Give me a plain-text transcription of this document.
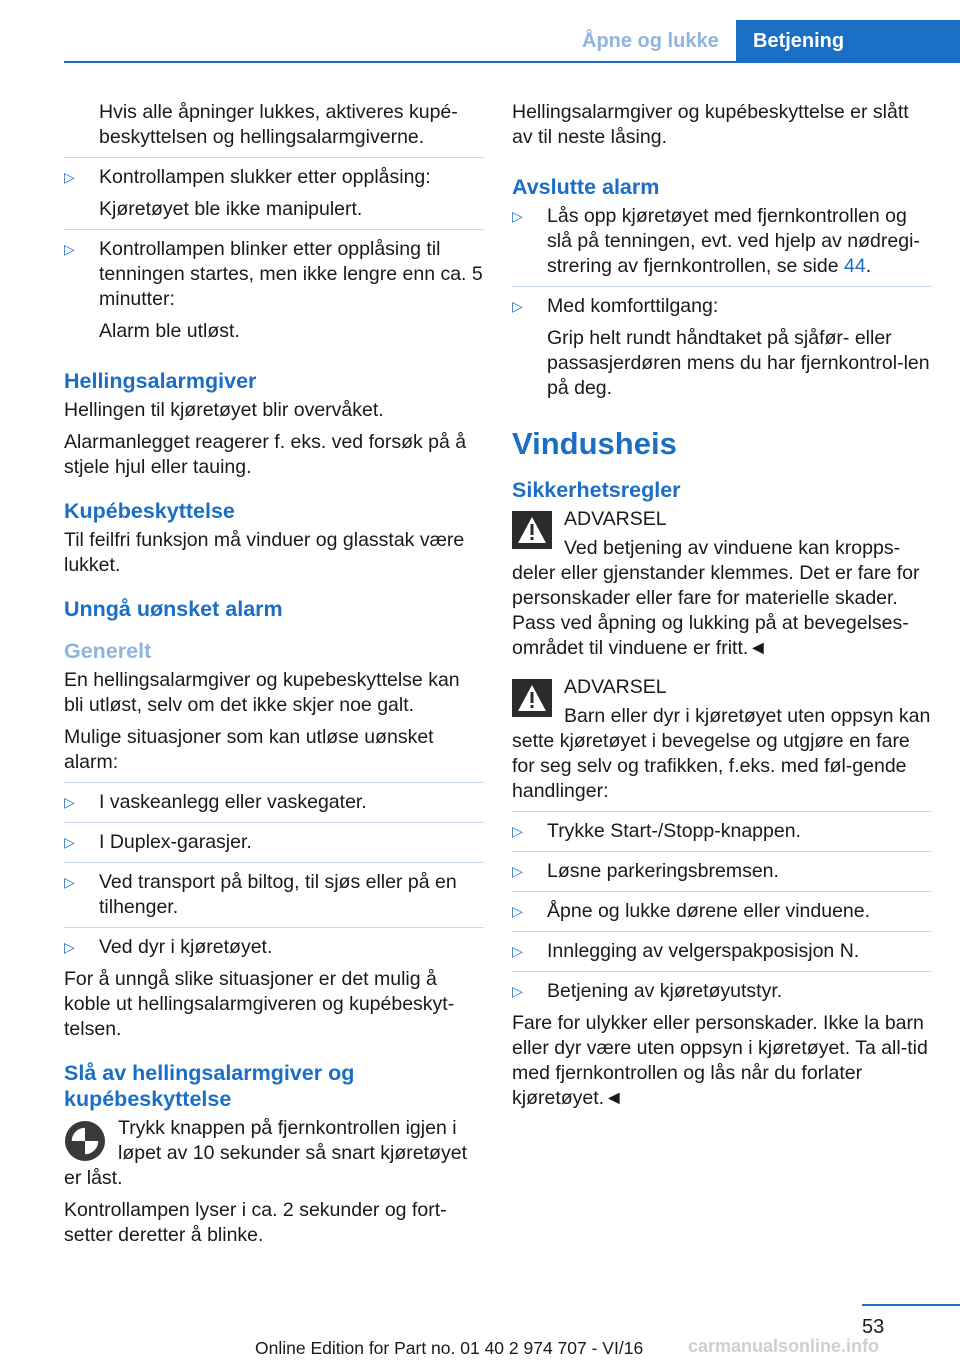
Åpne og lukke Betjening

Hvis alle åpninger lukkes, aktiveres kupé-beskyttelsen og hellingsalarmgiverne.

▷	Kontrollampen slukker etter opplåsing:

Kjøretøyet ble ikke manipulert.

▷	Kontrollampen blinker etter opplåsing til tenningen startes, men ikke lengre enn ca. 5 minutter:

Alarm ble utløst.

Hellingsalarmgiver

Hellingen til kjøretøyet blir overvåket.

Alarmanlegget reagerer f. eks. ved forsøk på å stjele hjul eller tauing.

Kupébeskyttelse

Til feilfri funksjon må vinduer og glasstak være lukket.

Unngå uønsket alarm
Generelt

En hellingsalarmgiver og kupebeskyttelse kan bli utløst, selv om det ikke skjer noe galt.

Mulige situasjoner som kan utløse uønsket alarm:

▷	I vaskeanlegg eller vaskegater.
▷	I Duplex-garasjer.
▷	Ved transport på biltog, til sjøs eller på en tilhenger.
▷	Ved dyr i kjøretøyet.

For å unngå slike situasjoner er det mulig å koble ut hellingsalarmgiveren og kupébeskyt-telsen.

Slå av hellingsalarmgiver og kupébeskyttelse

Trykk knappen på fjernkontrollen igjen i løpet av 10 sekunder så snart kjøretøyet er låst.

Kontrollampen lyser i ca. 2 sekunder og fort-setter deretter å blinke.

Hellingsalarmgiver og kupébeskyttelse er slått av til neste låsing.

Avslutte alarm
▷	Lås opp kjøretøyet med fjernkontrollen og slå på tenningen, evt. ved hjelp av nødregi-strering av fjernkontrollen, se side 44.
▷	Med komforttilgang:

Grip helt rundt håndtaket på sjåfør- eller passasjerdøren mens du har fjernkontrol-len på deg.

Vindusheis
Sikkerhetsregler

ADVARSEL

Ved betjening av vinduene kan kropps-deler eller gjenstander klemmes. Det er fare for personskader eller fare for materielle skader. Pass ved åpning og lukking på at bevegelses-området til vinduene er fritt.◄

ADVARSEL

Barn eller dyr i kjøretøyet uten oppsyn kan sette kjøretøyet i bevegelse og utgjøre en fare for seg selv og trafikken, f.eks. med føl-gende handlinger:

▷	Trykke Start-/Stopp-knappen.
▷	Løsne parkeringsbremsen.
▷	Åpne og lukke dørene eller vinduene.
▷	Innlegging av velgerspakposisjon N.
▷	Betjening av kjøretøyutstyr.

Fare for ulykker eller personskader. Ikke la barn eller dyr være uten oppsyn i kjøretøyet. Ta all-tid med fjernkontrollen og lås når du forlater kjøretøyet.◄

53
Online Edition for Part no. 01 40 2 974 707 - VI/16 carmanualsonline.info
